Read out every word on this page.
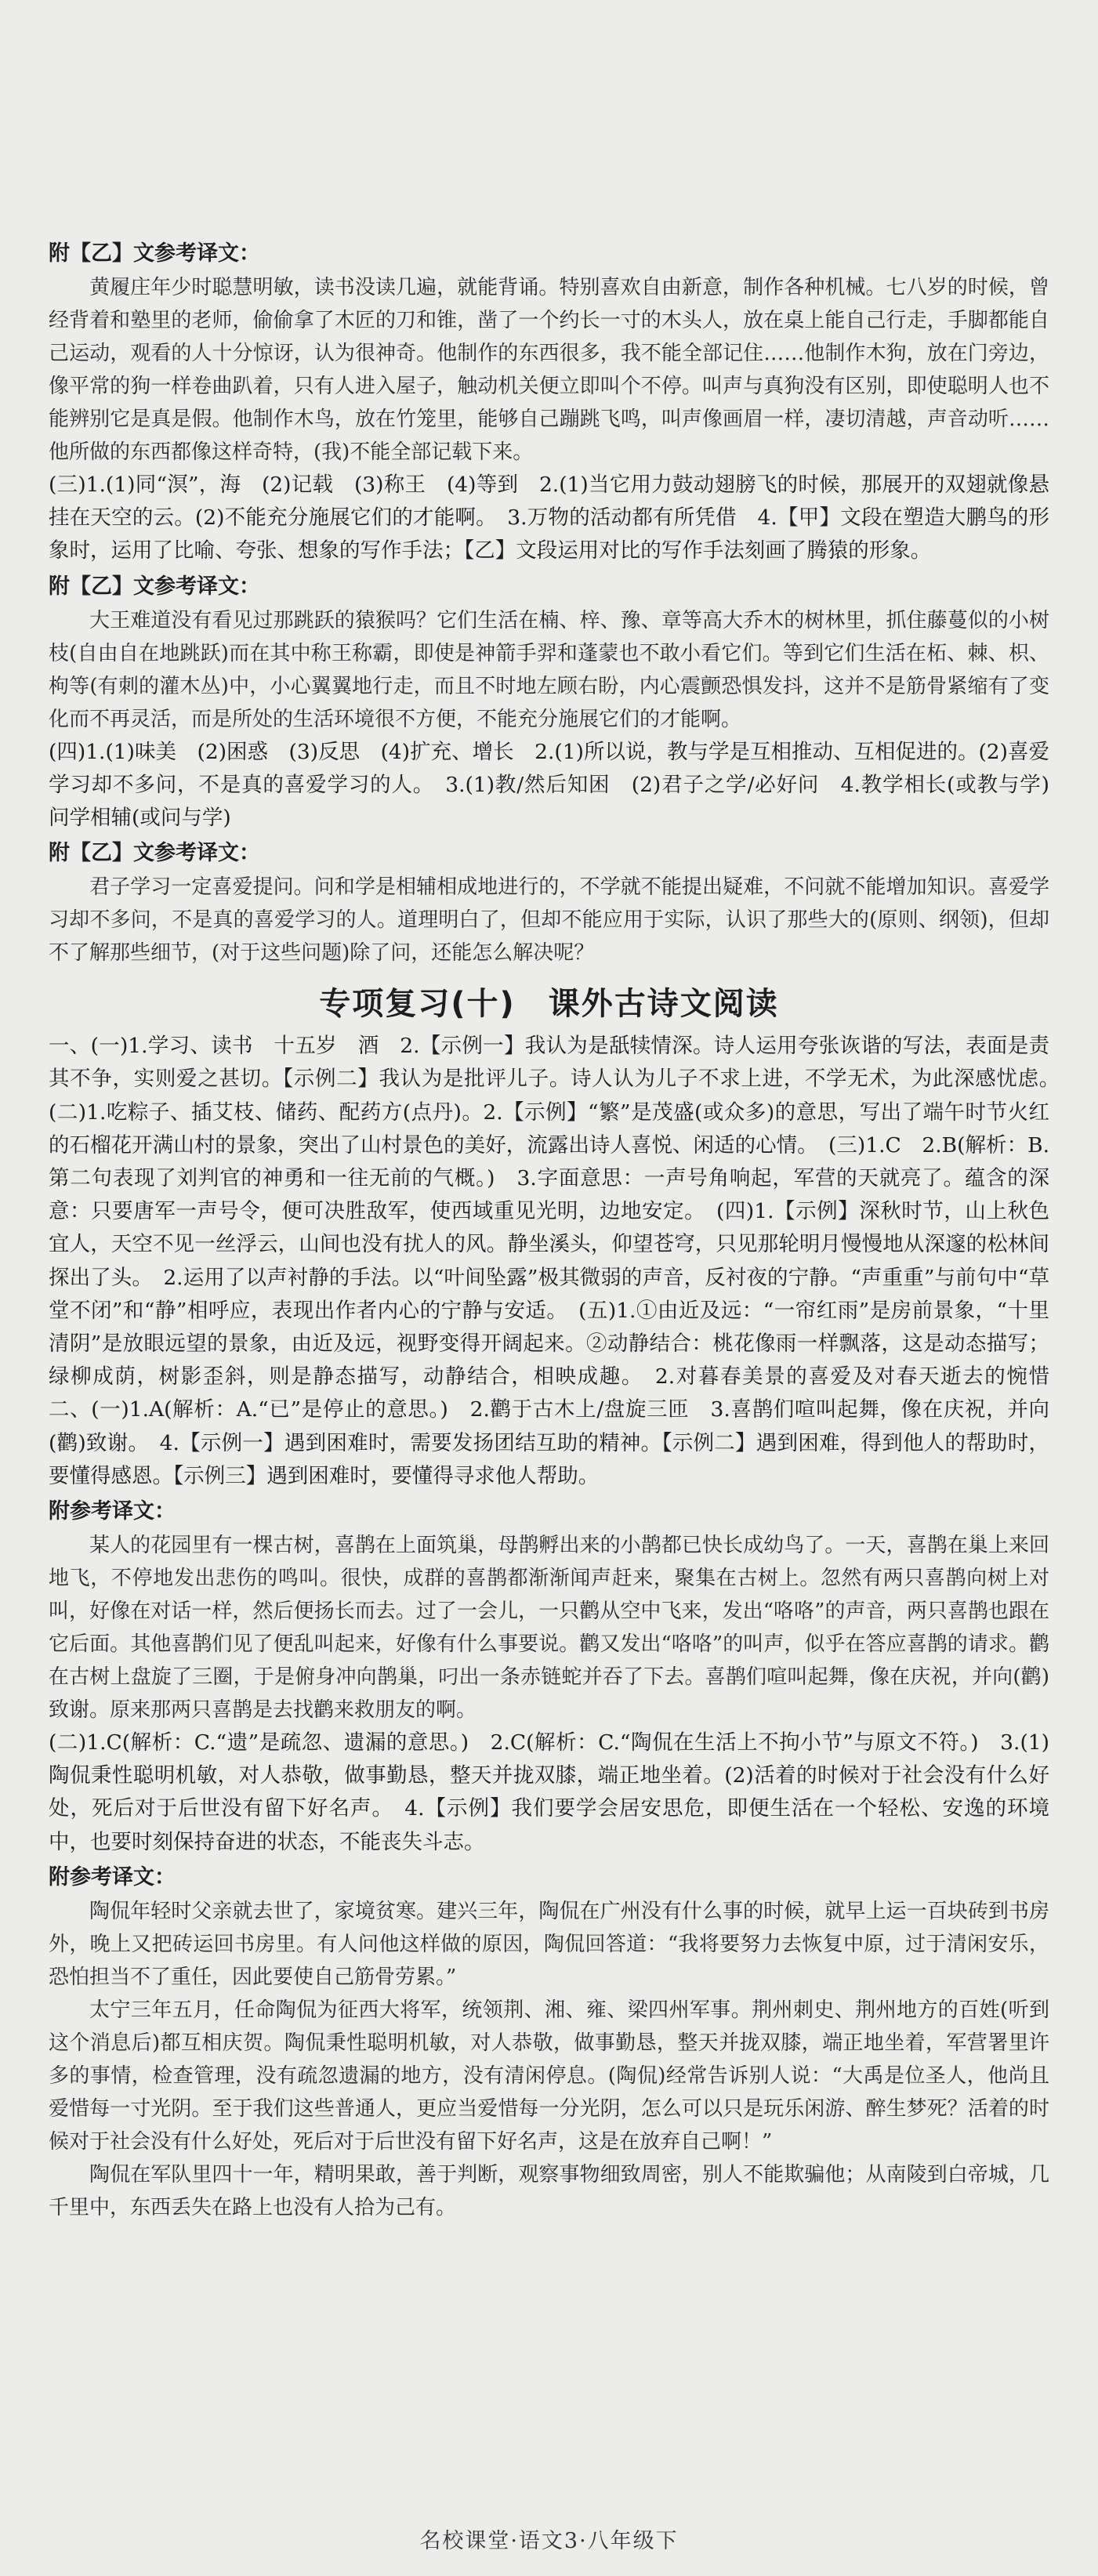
附【乙】文参考译文：

黄履庄年少时聪慧明敏，读书没读几遍，就能背诵。特别喜欢自由新意，制作各种机械。七八岁的时候，曾经背着和塾里的老师，偷偷拿了木匠的刀和锥，凿了一个约长一寸的木头人，放在桌上能自己行走，手脚都能自己运动，观看的人十分惊讶，认为很神奇。他制作的东西很多，我不能全部记住……他制作木狗，放在门旁边，像平常的狗一样卷曲趴着，只有人进入屋子，触动机关便立即叫个不停。叫声与真狗没有区别，即使聪明人也不能辨别它是真是假。他制作木鸟，放在竹笼里，能够自己蹦跳飞鸣，叫声像画眉一样，凄切清越，声音动听……他所做的东西都像这样奇特，(我)不能全部记载下来。

(三)1.(1)同“溟”，海　(2)记载　(3)称王　(4)等到　2.(1)当它用力鼓动翅膀飞的时候，那展开的双翅就像悬挂在天空的云。(2)不能充分施展它们的才能啊。　3.万物的活动都有所凭借　4.【甲】文段在塑造大鹏鸟的形象时，运用了比喻、夸张、想象的写作手法；【乙】文段运用对比的写作手法刻画了腾猿的形象。

附【乙】文参考译文：

大王难道没有看见过那跳跃的猿猴吗？它们生活在楠、梓、豫、章等高大乔木的树林里，抓住藤蔓似的小树枝(自由自在地跳跃)而在其中称王称霸，即使是神箭手羿和蓬蒙也不敢小看它们。等到它们生活在柘、棘、枳、枸等(有刺的灌木丛)中，小心翼翼地行走，而且不时地左顾右盼，内心震颤恐惧发抖，这并不是筋骨紧缩有了变化而不再灵活，而是所处的生活环境很不方便，不能充分施展它们的才能啊。

(四)1.(1)味美　(2)困惑　(3)反思　(4)扩充、增长　2.(1)所以说，教与学是互相推动、互相促进的。(2)喜爱学习却不多问，不是真的喜爱学习的人。　3.(1)教/然后知困　(2)君子之学/必好问　4.教学相长(或教与学)　问学相辅(或问与学)

附【乙】文参考译文：

君子学习一定喜爱提问。问和学是相辅相成地进行的，不学就不能提出疑难，不问就不能增加知识。喜爱学习却不多问，不是真的喜爱学习的人。道理明白了，但却不能应用于实际，认识了那些大的(原则、纲领)，但却不了解那些细节，(对于这些问题)除了问，还能怎么解决呢？

专项复习(十)　课外古诗文阅读

一、(一)1.学习、读书　十五岁　酒　2.【示例一】我认为是舐犊情深。诗人运用夸张诙谐的写法，表面是责其不争，实则爱之甚切。【示例二】我认为是批评儿子。诗人认为儿子不求上进，不学无术，为此深感忧虑。　(二)1.吃粽子、插艾枝、储药、配药方(点丹)。2.【示例】“繁”是茂盛(或众多)的意思，写出了端午时节火红的石榴花开满山村的景象，突出了山村景色的美好，流露出诗人喜悦、闲适的心情。　(三)1.C　2.B(解析：B.第二句表现了刘判官的神勇和一往无前的气概。)　3.字面意思：一声号角响起，军营的天就亮了。蕴含的深意：只要唐军一声号令，便可决胜敌军，使西域重见光明，边地安定。　(四)1.【示例】深秋时节，山上秋色宜人，天空不见一丝浮云，山间也没有扰人的风。静坐溪头，仰望苍穹，只见那轮明月慢慢地从深邃的松林间探出了头。　2.运用了以声衬静的手法。以“叶间坠露”极其微弱的声音，反衬夜的宁静。“声重重”与前句中“草堂不闭”和“静”相呼应，表现出作者内心的宁静与安适。　(五)1.①由近及远：“一帘红雨”是房前景象，“十里清阴”是放眼远望的景象，由近及远，视野变得开阔起来。②动静结合：桃花像雨一样飘落，这是动态描写；绿柳成荫，树影歪斜，则是静态描写，动静结合，相映成趣。　2.对暮春美景的喜爱及对春天逝去的惋惜　二、(一)1.A(解析：A.“已”是停止的意思。)　2.鹳于古木上/盘旋三匝　3.喜鹊们喧叫起舞，像在庆祝，并向(鹳)致谢。　4.【示例一】遇到困难时，需要发扬团结互助的精神。【示例二】遇到困难，得到他人的帮助时，要懂得感恩。【示例三】遇到困难时，要懂得寻求他人帮助。

附参考译文：

某人的花园里有一棵古树，喜鹊在上面筑巢，母鹊孵出来的小鹊都已快长成幼鸟了。一天，喜鹊在巢上来回地飞，不停地发出悲伤的鸣叫。很快，成群的喜鹊都渐渐闻声赶来，聚集在古树上。忽然有两只喜鹊向树上对叫，好像在对话一样，然后便扬长而去。过了一会儿，一只鹳从空中飞来，发出“咯咯”的声音，两只喜鹊也跟在它后面。其他喜鹊们见了便乱叫起来，好像有什么事要说。鹳又发出“咯咯”的叫声，似乎在答应喜鹊的请求。鹳在古树上盘旋了三圈，于是俯身冲向鹊巢，叼出一条赤链蛇并吞了下去。喜鹊们喧叫起舞，像在庆祝，并向(鹳)致谢。原来那两只喜鹊是去找鹳来救朋友的啊。

(二)1.C(解析：C.“遗”是疏忽、遗漏的意思。)　2.C(解析：C.“陶侃在生活上不拘小节”与原文不符。)　3.(1)陶侃秉性聪明机敏，对人恭敬，做事勤恳，整天并拢双膝，端正地坐着。(2)活着的时候对于社会没有什么好处，死后对于后世没有留下好名声。　4.【示例】我们要学会居安思危，即便生活在一个轻松、安逸的环境中，也要时刻保持奋进的状态，不能丧失斗志。

附参考译文：

陶侃年轻时父亲就去世了，家境贫寒。建兴三年，陶侃在广州没有什么事的时候，就早上运一百块砖到书房外，晚上又把砖运回书房里。有人问他这样做的原因，陶侃回答道：“我将要努力去恢复中原，过于清闲安乐，恐怕担当不了重任，因此要使自己筋骨劳累。”

太宁三年五月，任命陶侃为征西大将军，统领荆、湘、雍、梁四州军事。荆州刺史、荆州地方的百姓(听到这个消息后)都互相庆贺。陶侃秉性聪明机敏，对人恭敬，做事勤恳，整天并拢双膝，端正地坐着，军营署里许多的事情，检查管理，没有疏忽遗漏的地方，没有清闲停息。(陶侃)经常告诉别人说：“大禹是位圣人，他尚且爱惜每一寸光阴。至于我们这些普通人，更应当爱惜每一分光阴，怎么可以只是玩乐闲游、醉生梦死？活着的时候对于社会没有什么好处，死后对于后世没有留下好名声，这是在放弃自己啊！”

陶侃在军队里四十一年，精明果敢，善于判断，观察事物细致周密，别人不能欺骗他；从南陵到白帝城，几千里中，东西丢失在路上也没有人拾为己有。

名校课堂·语文3·八年级下
